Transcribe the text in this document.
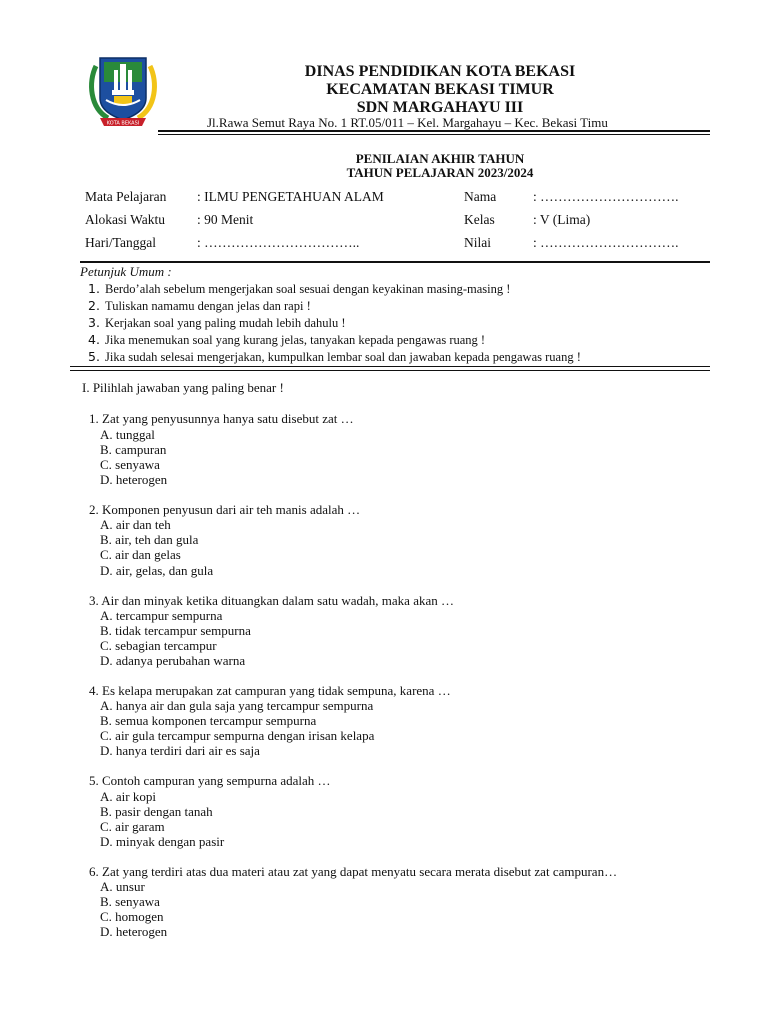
KOTA BEKASI
DINAS PENDIDIKAN KOTA BEKASI
KECAMATAN BEKASI TIMUR
SDN MARGAHAYU III
Jl.Rawa Semut Raya No. 1 RT.05/011 – Kel. Margahayu – Kec. Bekasi Timu
PENILAIAN AKHIR TAHUN
TAHUN PELAJARAN 2023/2024
Mata Pelajaran : ILMU PENGETAHUAN ALAM	Nama	: ………………………….
Alokasi Waktu : 90 Menit	Kelas	: V (Lima)
Hari/Tanggal	: ……………………………..	Nilai	: ………………………….
Petunjuk Umum :
1. Berdo’alah sebelum mengerjakan soal sesuai dengan keyakinan masing-masing !
2. Tuliskan namamu dengan jelas dan rapi !
3. Kerjakan soal yang paling mudah lebih dahulu !
4. Jika menemukan soal yang kurang jelas, tanyakan kepada pengawas ruang !
5. Jika sudah selesai mengerjakan, kumpulkan lembar soal dan jawaban kepada pengawas ruang !
I. Pilihlah jawaban yang paling benar !
1. Zat yang penyusunnya hanya satu disebut zat …
A. tunggal
B. campuran
C. senyawa
D. heterogen
2. Komponen penyusun dari air teh manis adalah …
A. air dan teh
B. air, teh dan gula
C. air dan gelas
D. air, gelas, dan gula
3. Air dan minyak ketika dituangkan dalam satu wadah, maka akan …
A. tercampur sempurna
B. tidak tercampur sempurna
C. sebagian tercampur
D. adanya perubahan warna
4. Es kelapa merupakan zat campuran yang tidak sempuna, karena …
A. hanya air dan gula saja yang tercampur sempurna
B. semua komponen tercampur sempurna
C. air gula tercampur sempurna dengan irisan kelapa
D. hanya terdiri dari air es saja
5. Contoh campuran yang sempurna adalah …
A. air kopi
B. pasir dengan tanah
C. air garam
D. minyak dengan pasir
6. Zat yang terdiri atas dua materi atau zat yang dapat menyatu secara merata disebut zat campuran…
A. unsur
B. senyawa
C. homogen
D. heterogen
